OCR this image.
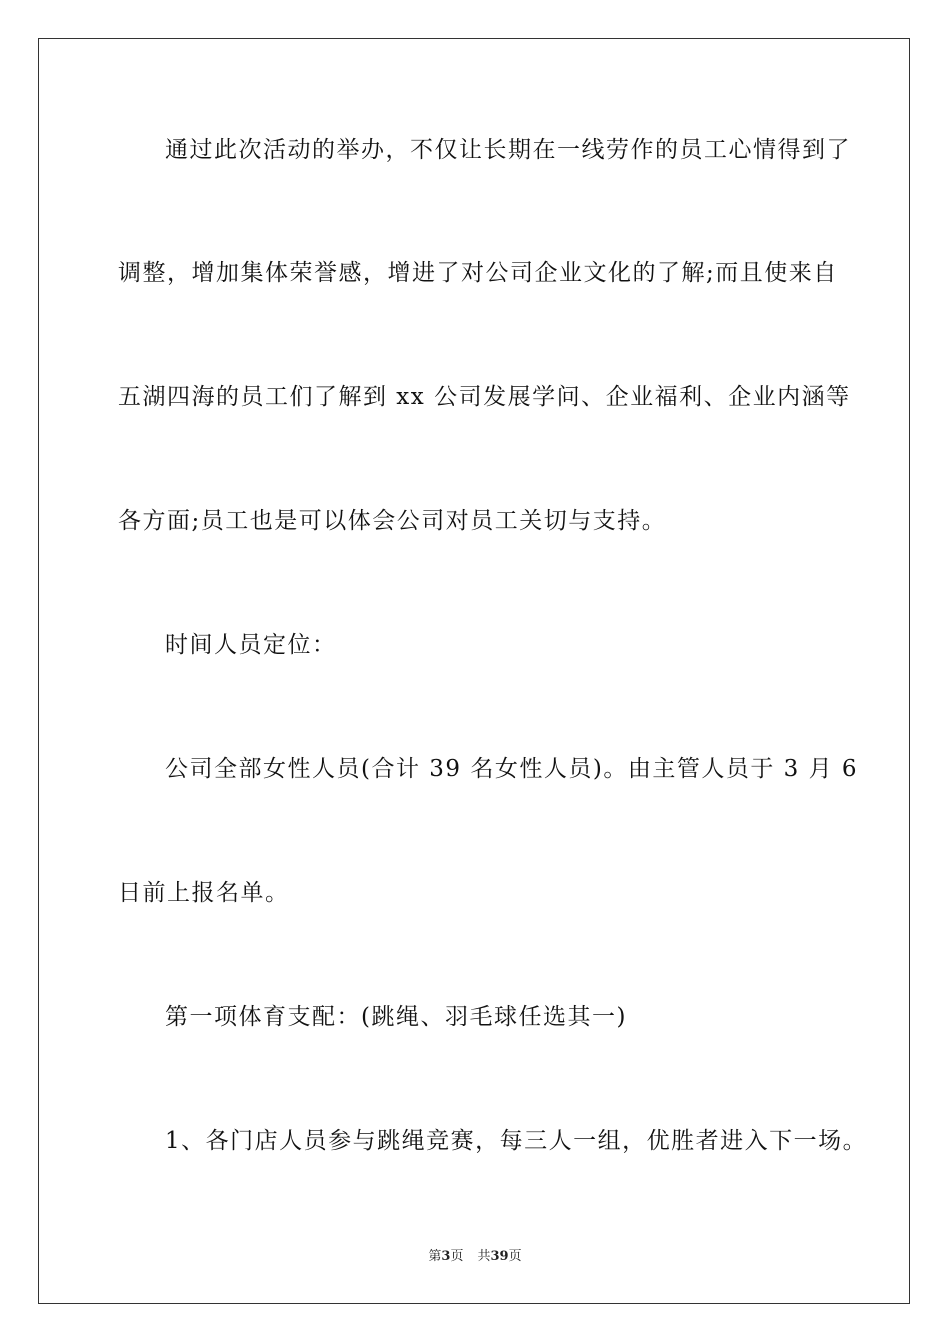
通过此次活动的举办，不仅让长期在一线劳作的员工心情得到了
调整，增加集体荣誉感，增进了对公司企业文化的了解;而且使来自
五湖四海的员工们了解到 xx 公司发展学问、企业福利、企业内涵等
各方面;员工也是可以体会公司对员工关切与支持。
时间人员定位：
公司全部女性人员(合计 39 名女性人员)。由主管人员于 3 月 6
日前上报名单。
第一项体育支配：(跳绳、羽毛球任选其一)
1、各门店人员参与跳绳竞赛，每三人一组，优胜者进入下一场。
第3页 共39页
